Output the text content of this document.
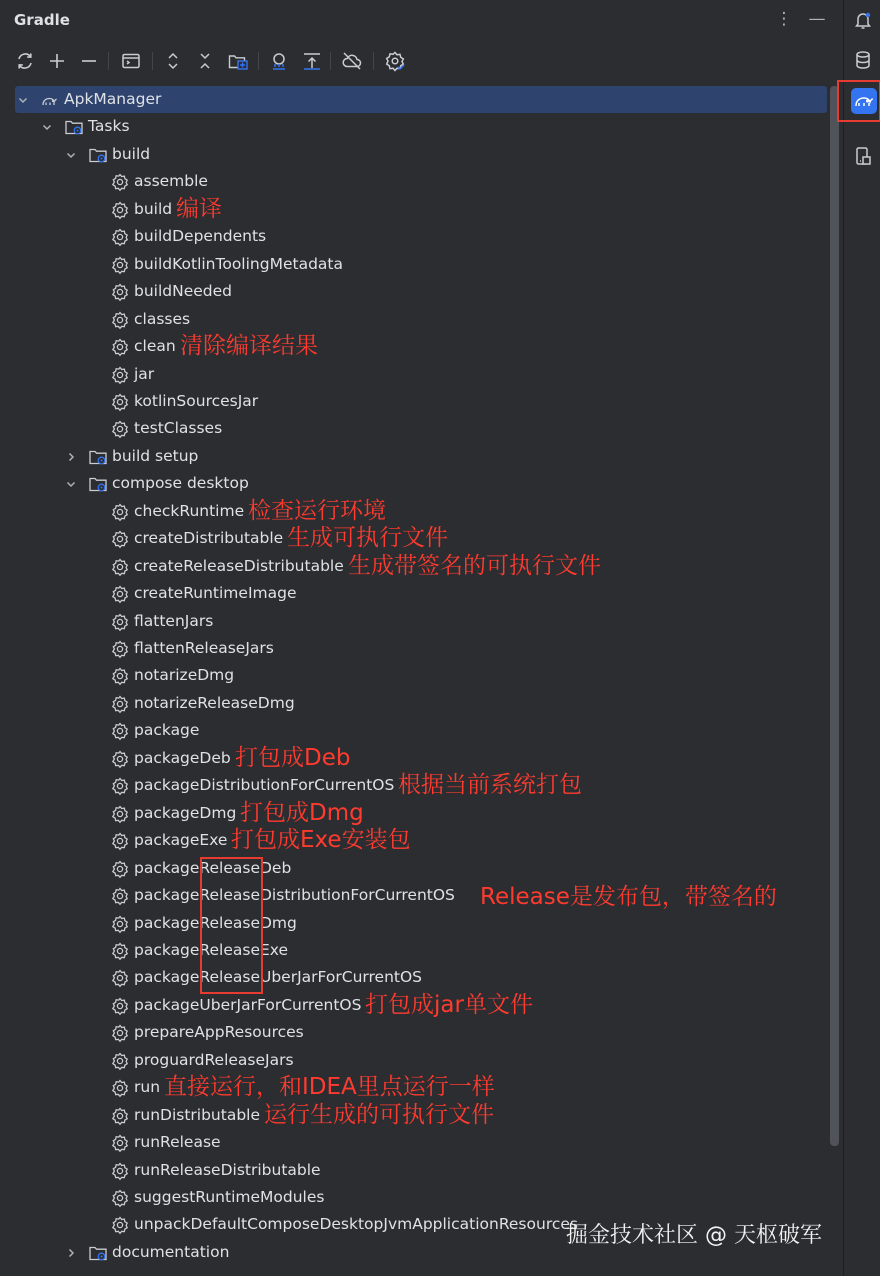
Gradle	⋮ —
ApkManager
Tasks
build
assemble
build 编译
buildDependents
buildKotlinToolingMetadata
buildNeeded
classes
clean 清除编译结果
jar
kotlinSourcesJar
testClasses
build setup
compose desktop
checkRuntime 检查运行环境
createDistributable 生成可执行文件
createReleaseDistributable 生成带签名的可执行文件
createRuntimeImage
flattenJars
flattenReleaseJars
notarizeDmg
notarizeReleaseDmg
package
packageDeb 打包成Deb
packageDistributionForCurrentOS 根据当前系统打包
packageDmg 打包成Dmg
packageExe 打包成Exe安装包
packageReleaseDeb
packageReleaseDistributionForCurrentOS
packageReleaseDmg
packageReleaseExe
packageReleaseUberJarForCurrentOS
packageUberJarForCurrentOS 打包成jar单文件
prepareAppResources
proguardReleaseJars
run 直接运行，和IDEA里点运行一样
runDistributable 运行生成的可执行文件
runRelease
runReleaseDistributable
suggestRuntimeModules
unpackDefaultComposeDesktopJvmApplicationResources
documentation
Release是发布包，带签名的
掘金技术社区 @ 天枢破军
